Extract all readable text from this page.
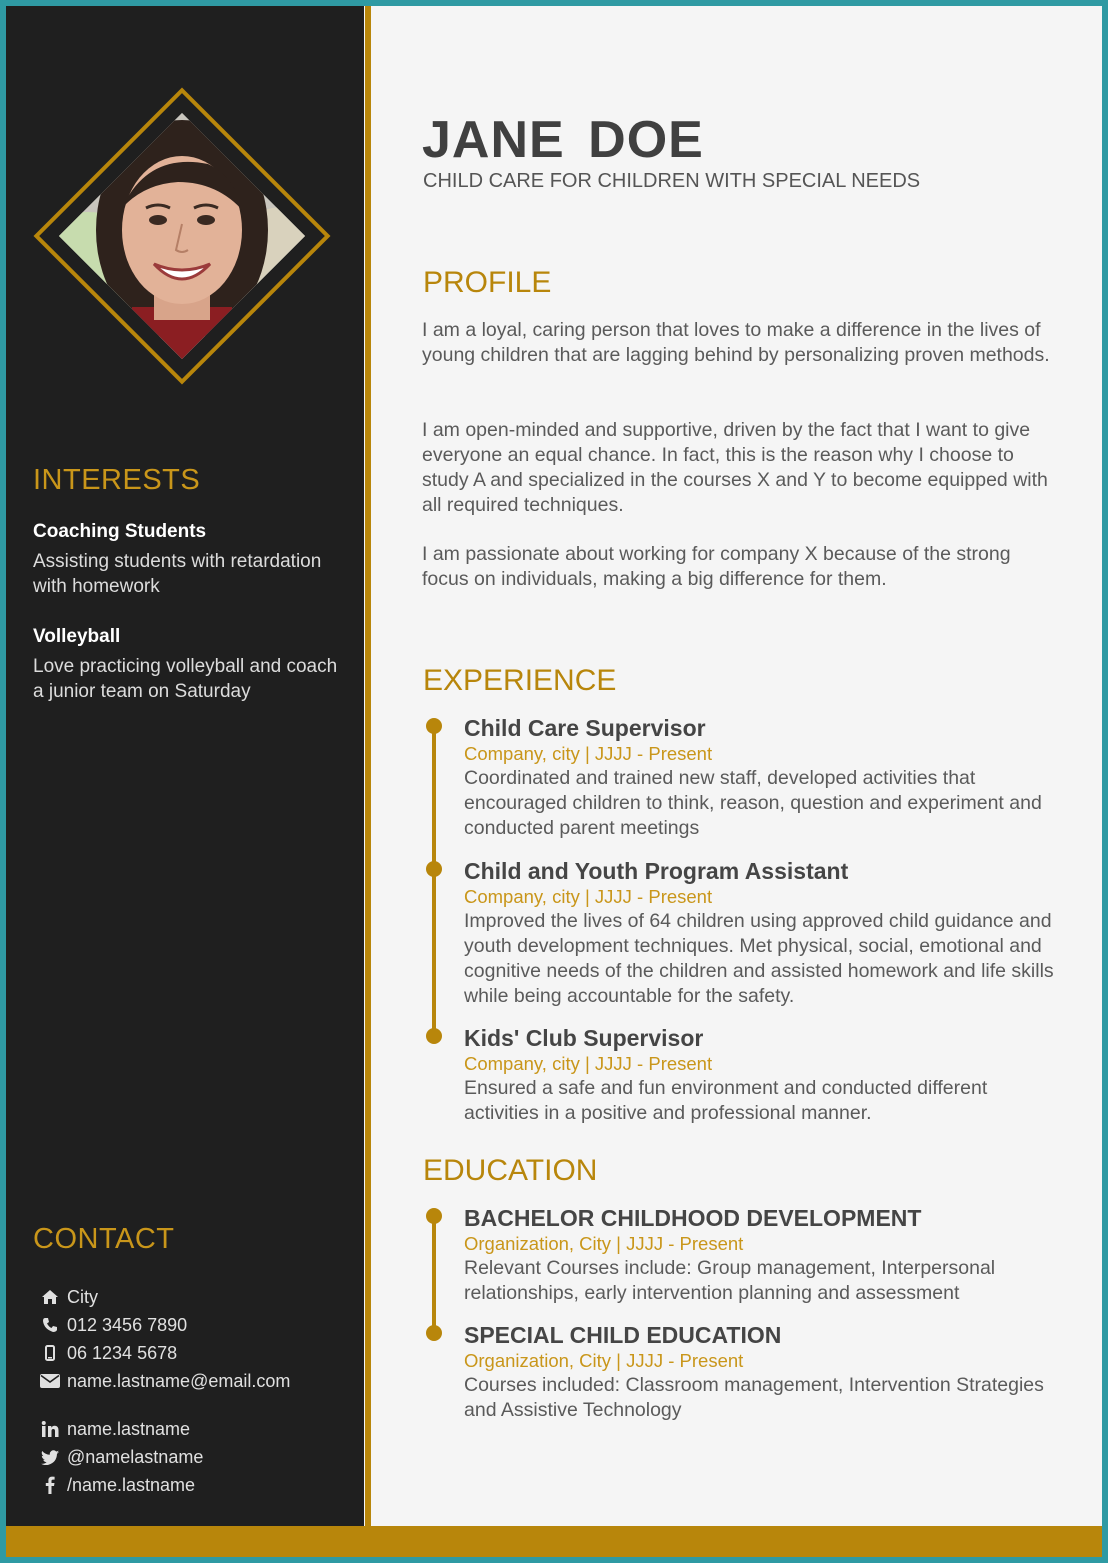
INTERESTS
Coaching Students
Assisting students with retardation with homework
Volleyball
Love practicing volleyball and coach a junior team on Saturday
CONTACT
City
012 3456 7890
06 1234 5678
name.lastname@email.com
name.lastname
@namelastname
/name.lastname
JANE DOE
CHILD CARE FOR CHILDREN WITH SPECIAL NEEDS
PROFILE
I am a loyal, caring person that loves to make a difference in the lives of young children that are lagging behind by personalizing proven methods.
I am open-minded and supportive, driven by the fact that I want to give everyone an equal chance. In fact, this is the reason why I choose to study A and specialized in the courses X and Y to become equipped with all required techniques.
I am passionate about working for company X because of the strong focus on individuals, making a big difference for them.
EXPERIENCE
Child Care Supervisor
Company, city | JJJJ - Present
Coordinated and trained new staff, developed activities that encouraged children to think, reason, question and experiment and conducted parent meetings
Child and Youth Program Assistant
Company, city | JJJJ - Present
Improved the lives of 64 children using approved child guidance and youth development techniques. Met physical, social, emotional and cognitive needs of the children and assisted homework and life skills while being accountable for the safety.
Kids' Club Supervisor
Company, city | JJJJ - Present
Ensured a safe and fun environment and conducted different activities in a positive and professional manner.
EDUCATION
BACHELOR CHILDHOOD DEVELOPMENT
Organization, City | JJJJ - Present
Relevant Courses include: Group management, Interpersonal relationships, early intervention planning and assessment
SPECIAL CHILD EDUCATION
Organization, City | JJJJ - Present
Courses included: Classroom management, Intervention Strategies and Assistive Technology
